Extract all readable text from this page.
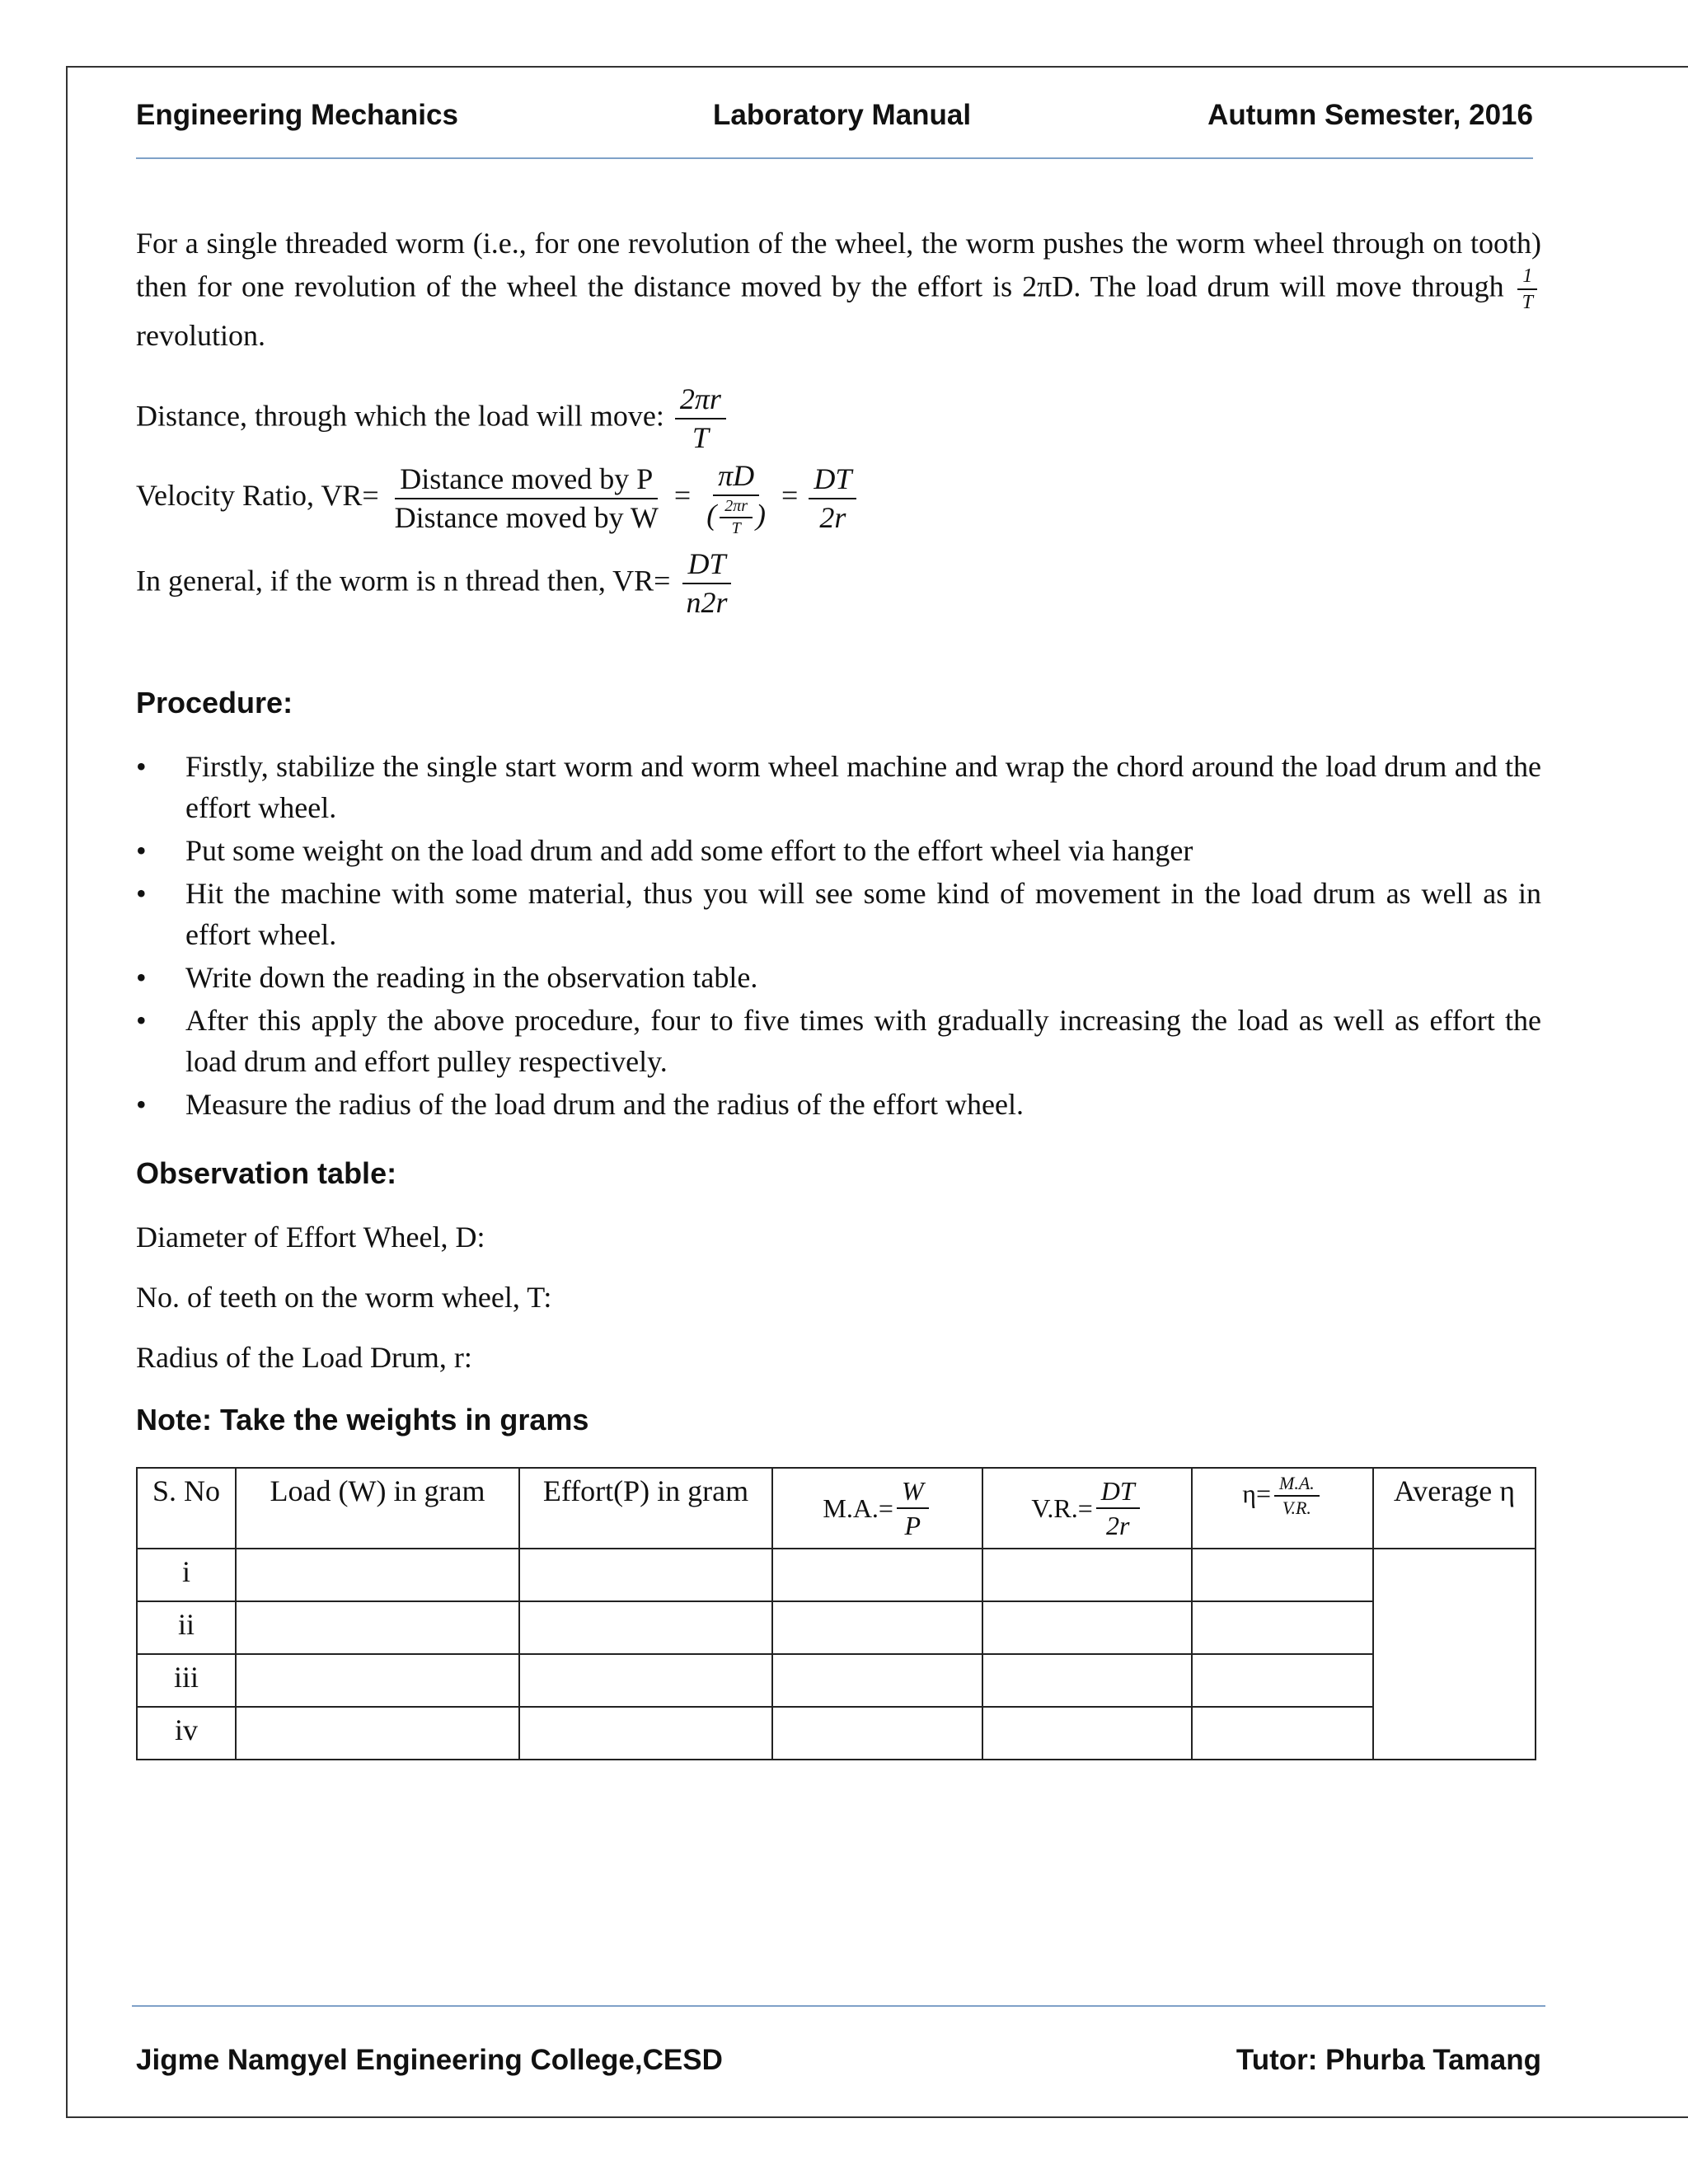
Engineering Mechanics	Laboratory Manual	Autumn Semester, 2016
For a single threaded worm (i.e., for one revolution of the wheel, the worm pushes the worm wheel through on tooth) then for one revolution of the wheel the distance moved by the effort is 2πD. The load drum will move through $\frac{1}{T}$
revolution.
Distance, through which the load will move: $\frac{2\pi r}{T}$
Velocity Ratio, $VR= \frac{\text{Distance moved by P}}{\text{Distance moved by W}} = \frac{\pi D}{( \frac{2\pi r}{T} )} = \frac{DT}{2r}$
In general, if the worm is n thread then, $VR= \frac{DT}{n2r}$
Procedure:
•	Firstly, stabilize the single start worm and worm wheel machine and wrap the chord around the load drum and the effort wheel.
•	Put some weight on the load drum and add some effort to the effort wheel via hanger
•	Hit the machine with some material, thus you will see some kind of movement in the load drum as well as in effort wheel.
•	Write down the reading in the observation table.
•	After this apply the above procedure, four to five times with gradually increasing the load as well as effort the load drum and effort pulley respectively.
•	Measure the radius of the load drum and the radius of the effort wheel.
Observation table:
Diameter of Effort Wheel, D:
No. of teeth on the worm wheel, T:
Radius of the Load Drum, r:
Note: Take the weights in grams
S. No	Load (W) in gram	Effort(P) in gram	$M.A.= \frac{W}{P}$	$V.R.= \frac{DT}{2r}$	$\eta= \frac{M.A.}{V.R.}$	Average η

i						

ii						

iii						

iv						

Jigme Namgyel Engineering College,CESD	Tutor: Phurba Tamang
